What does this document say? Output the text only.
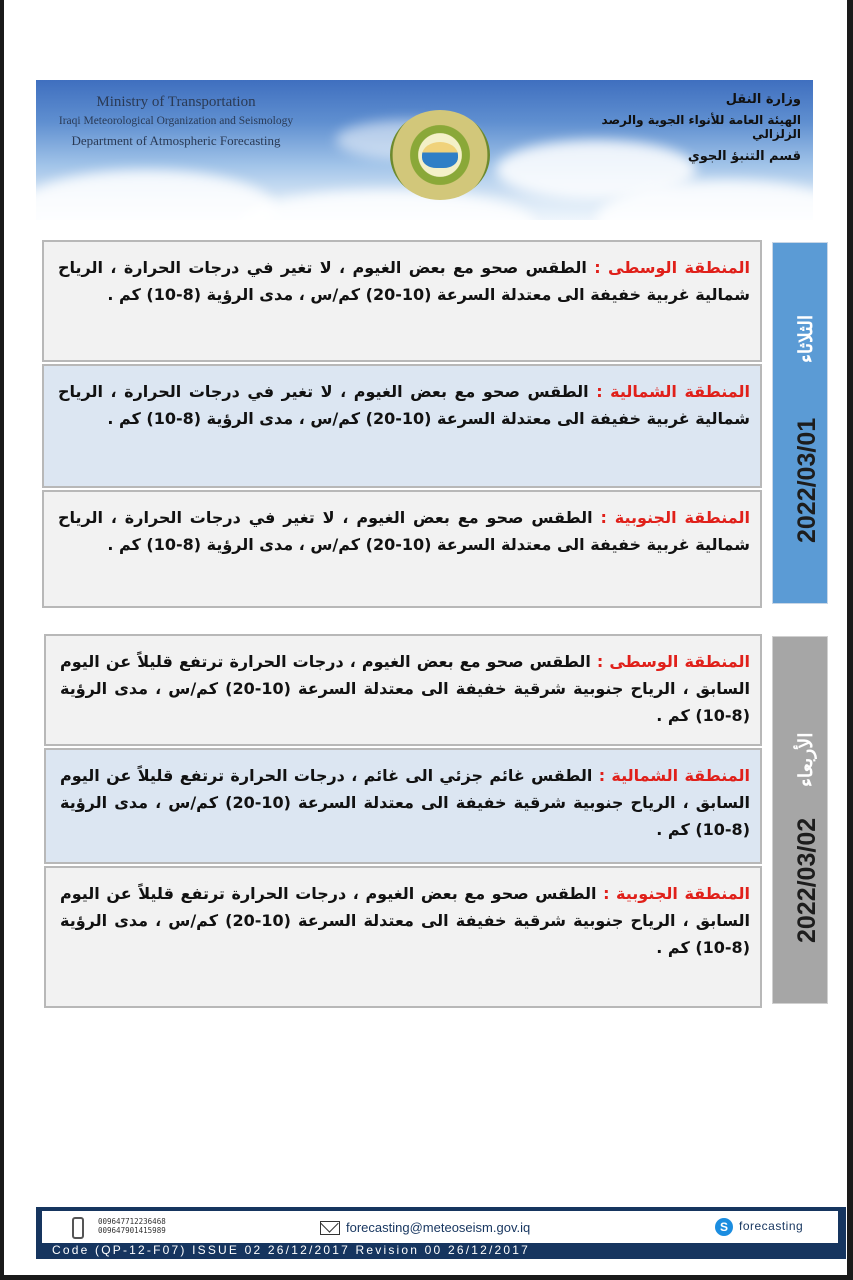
Ministry of Transportation
Iraqi Meteorological Organization and Seismology
Department of Atmospheric Forecasting
وزارة النقل
الهيئة العامة للأنواء الجوية والرصد الزلزالي
قسم التنبؤ الجوي
2022/03/01
الثلاثاء
المنطقة الوسطى : الطقس صحو مع بعض الغيوم ، لا تغير في درجات الحرارة ، الرياح شمالية غربية خفيفة الى معتدلة السرعة (10-20) كم/س ، مدى الرؤية (8-10) كم .
المنطقة الشمالية : الطقس صحو مع بعض الغيوم ، لا تغير في درجات الحرارة ، الرياح شمالية غربية خفيفة الى معتدلة السرعة (10-20) كم/س ، مدى الرؤية (8-10) كم .
المنطقة الجنوبية : الطقس صحو مع بعض الغيوم ، لا تغير في درجات الحرارة ، الرياح شمالية غربية خفيفة الى معتدلة السرعة (10-20) كم/س ، مدى الرؤية (8-10) كم .
2022/03/02
الأربعاء
المنطقة الوسطى : الطقس صحو مع بعض الغيوم ، درجات الحرارة ترتفع قليلاً عن اليوم السابق ، الرياح جنوبية شرقية خفيفة الى معتدلة السرعة (10-20) كم/س ، مدى الرؤية (8-10) كم .
المنطقة الشمالية : الطقس غائم جزئي الى غائم ، درجات الحرارة ترتفع قليلاً عن اليوم السابق ، الرياح جنوبية شرقية خفيفة الى معتدلة السرعة (10-20) كم/س ، مدى الرؤية (8-10) كم .
المنطقة الجنوبية : الطقس صحو مع بعض الغيوم ، درجات الحرارة ترتفع قليلاً عن اليوم السابق ، الرياح جنوبية شرقية خفيفة الى معتدلة السرعة (10-20) كم/س ، مدى الرؤية (8-10) كم .
009647712236468
009647901415989	forecasting@meteoseism.gov.iq	S forecasting
Code (QP-12-F07) ISSUE 02 26/12/2017 Revision 00 26/12/2017
